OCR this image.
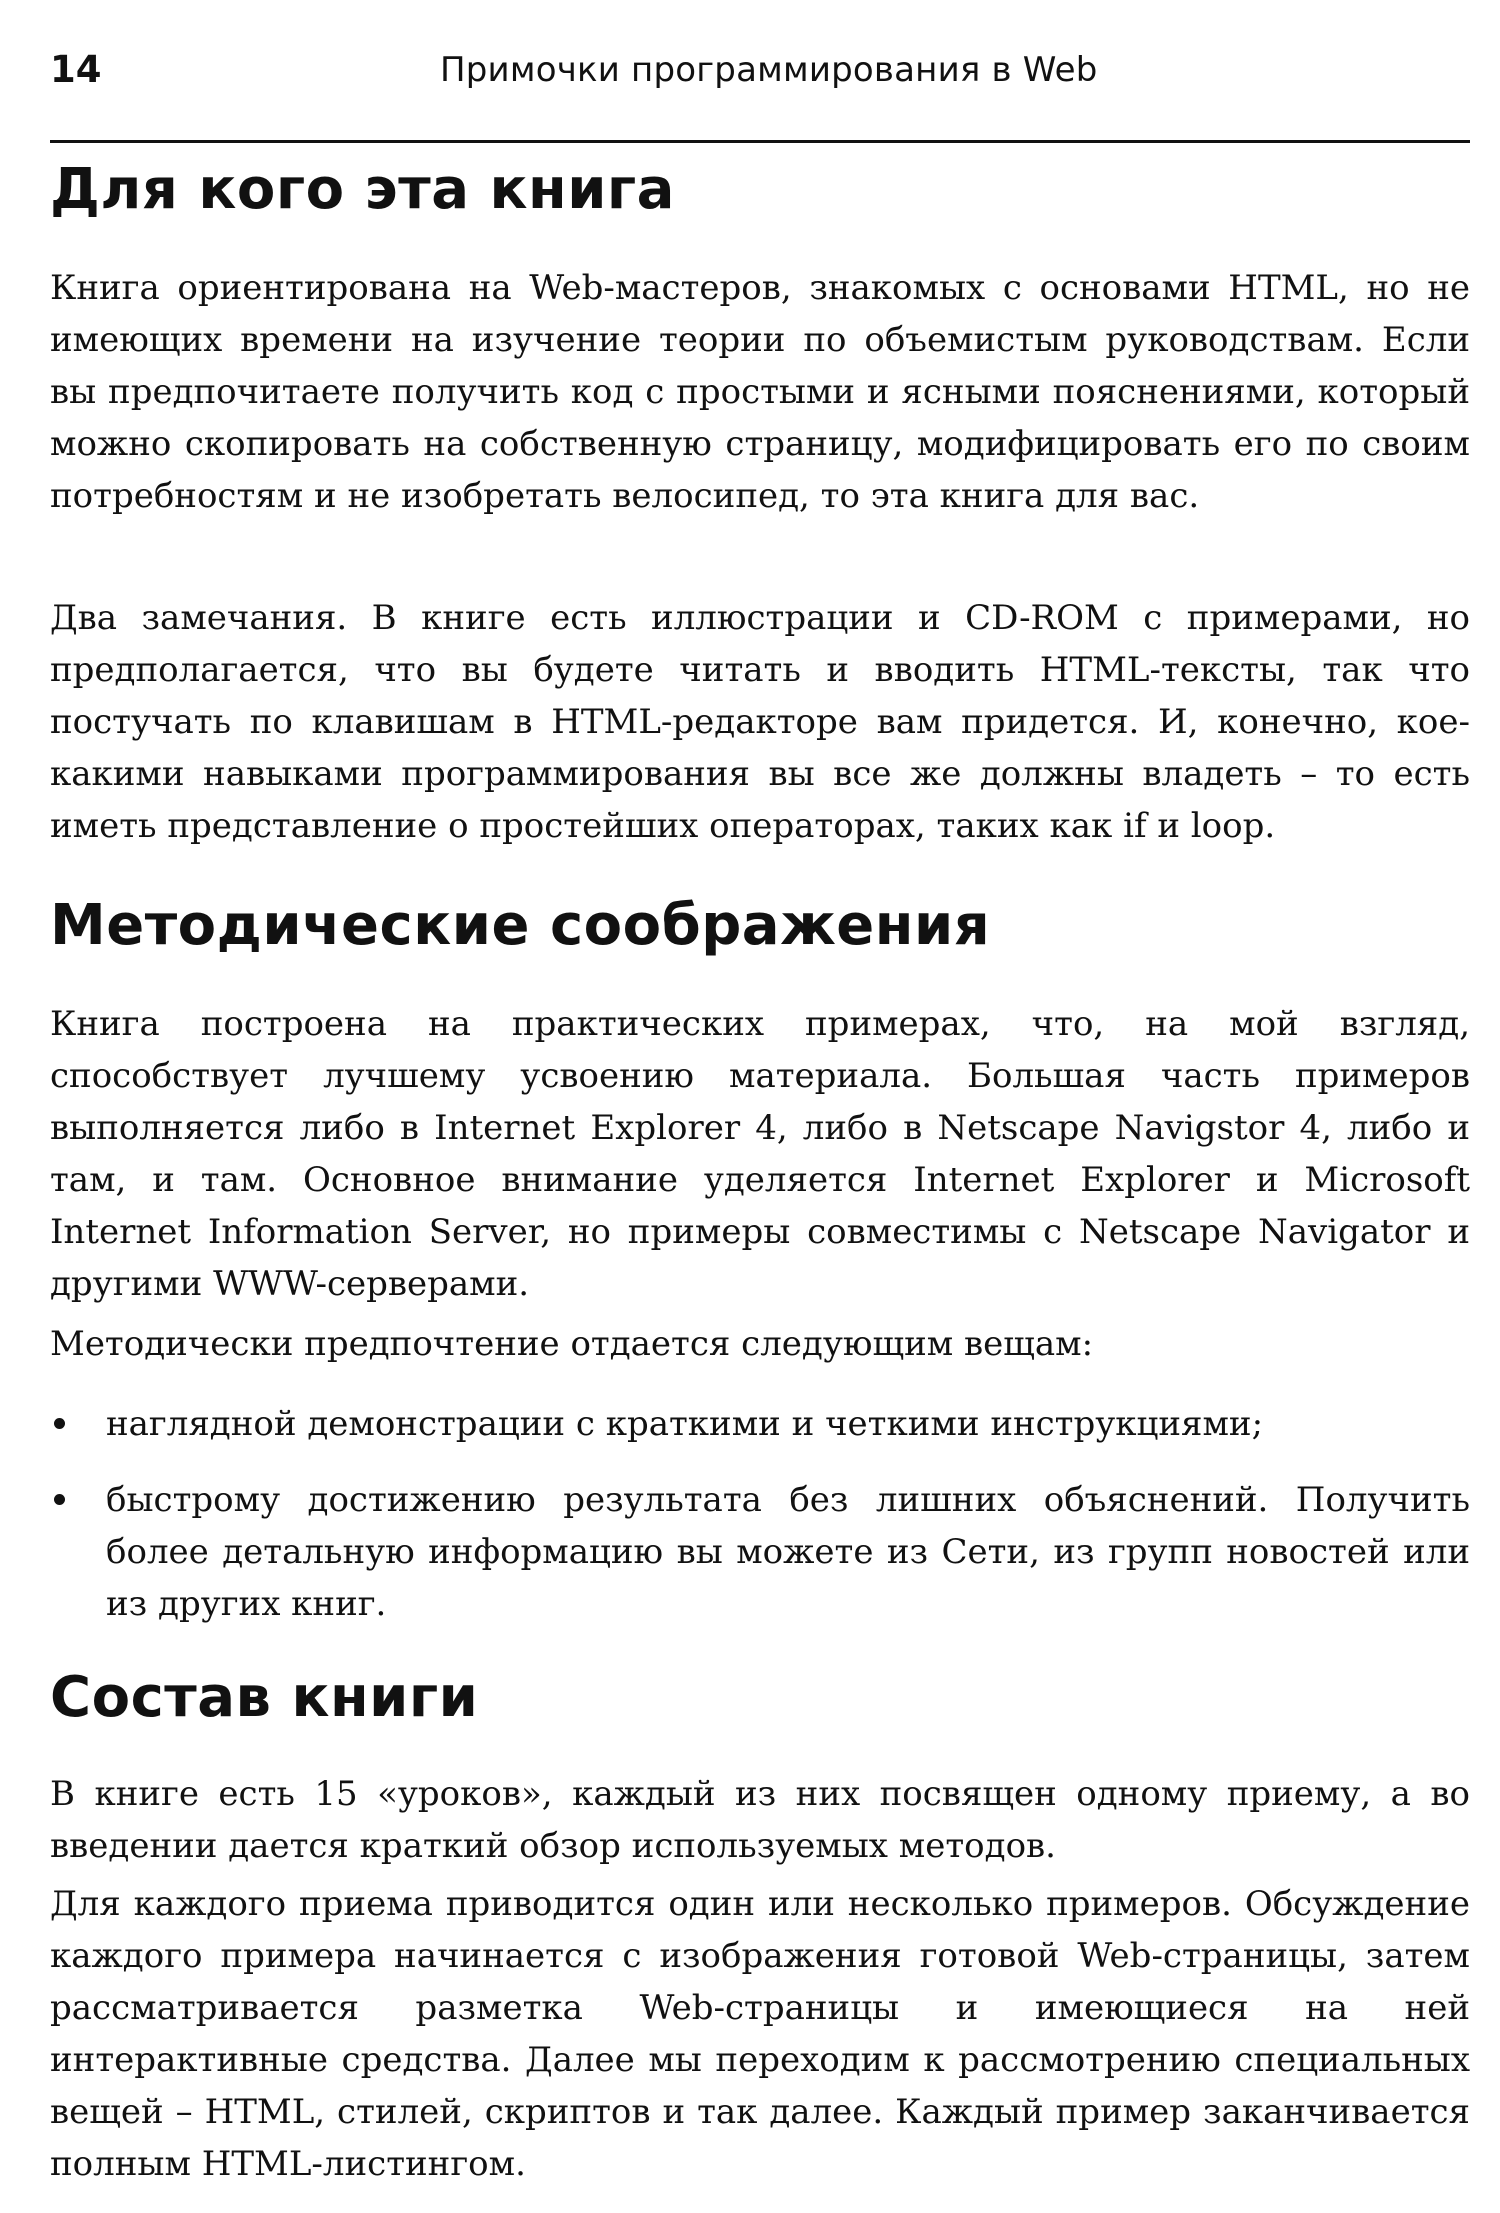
14	Примочки программирования в Web
Для кого эта книга

Книга ориентирована на Web-мастеров, знакомых с основами HTML, но не имеющих времени на изучение теории по объемистым руководствам. Если вы предпочитаете получить код с простыми и ясными пояснениями, который можно скопировать на собственную страницу, модифицировать его по своим потребностям и не изобретать велосипед, то эта книга для вас.

Два замечания. В книге есть иллюстрации и CD-ROM с примерами, но предполагается, что вы будете читать и вводить HTML-тексты, так что постучать по клавишам в HTML-редакторе вам придется. И, конечно, кое-какими навыками программирования вы все же должны владеть – то есть иметь представление о простейших операторах, таких как if и loop.

Методические соображения

Книга построена на практических примерах, что, на мой взгляд, способствует лучшему усвоению материала. Большая часть примеров выполняется либо в Internet Explorer 4, либо в Netscape Navigstor 4, либо и там, и там. Основное внимание уделяется Internet Explorer и Microsoft Internet Information Server, но примеры совместимы с Netscape Navigator и другими WWW-серверами.

Методически предпочтение отдается следующим вещам:

наглядной демонстрации с краткими и четкими инструкциями;
быстрому достижению результата без лишних объяснений. Получить более детальную информацию вы можете из Сети, из групп новостей или из других книг.
Состав книги

В книге есть 15 «уроков», каждый из них посвящен одному приему, а во введении дается краткий обзор используемых методов.

Для каждого приема приводится один или несколько примеров. Обсуждение каждого примера начинается с изображения готовой Web-страницы, затем рассматривается разметка Web-страницы и имеющиеся на ней интерактивные средства. Далее мы переходим к рассмотрению специальных вещей – HTML, стилей, скриптов и так далее. Каждый пример заканчивается полным HTML-листингом.
